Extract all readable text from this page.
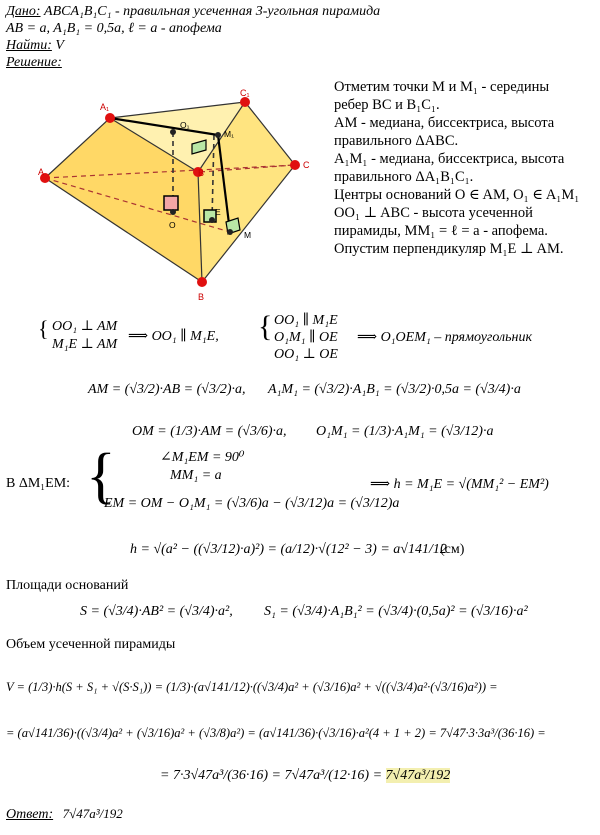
Дано: ABCA₁B₁C₁ - правильная усеченная 3-угольная пирамида
AB = a, A₁B₁ = 0,5a, ℓ = a - апофема
Найти: V
Решение:
A₁
C₁
C
B
A
B
O
O₁
M₁
M
E
Отметим точки M и M₁ - середины
ребер BC и B₁C₁.
AM - медиана, биссектриса, высота
правильного ΔABC.
A₁M₁ - медиана, биссектриса, высота
правильного ΔA₁B₁C₁.
Центры оснований O ∈ AM, O₁ ∈ A₁M₁
OO₁ ⊥ ABC - высота усеченной
пирамиды, MM₁ = ℓ = a - апофема.
Опустим перпендикуляр M₁E ⊥ AM.
{ OO₁ ⊥ AM
M₁E ⊥ AM
⟹ OO₁ ∥ M₁E, { OO₁ ∥ M₁E
O₁M₁ ∥ OE
OO₁ ⊥ OE
⟹ O₁OEM₁ – прямоугольник
AM = (√3/2)·AB = (√3/2)·a, A₁M₁ = (√3/2)·A₁B₁ = (√3/2)·0,5a = (√3/4)·a
OM = (1/3)·AM = (√3/6)·a, O₁M₁ = (1/3)·A₁M₁ = (√3/12)·a
В ΔM₁EM: {	∠M₁EM = 90⁰
MM₁ = a
EM = OM − O₁M₁ = (√3/6)a − (√3/12)a = (√3/12)a
⟹ h = M₁E = √(MM₁² − EM²)
h = √(a² − ((√3/12)·a)²) = (a/12)·√(12² − 3) = a√141/12
(см)
Площади оснований
S = (√3/4)·AB² = (√3/4)·a², S₁ = (√3/4)·A₁B₁² = (√3/4)·(0,5a)² = (√3/16)·a²
Объем усеченной пирамиды
V = (1/3)·h(S + S₁ + √(S·S₁)) = (1/3)·(a√141/12)·((√3/4)a² + (√3/16)a² + √((√3/4)a²·(√3/16)a²)) =
= (a√141/36)·((√3/4)a² + (√3/16)a² + (√3/8)a²) = (a√141/36)·(√3/16)·a²(4 + 1 + 2) = 7√47·3·3a³/(36·16) =
= 7·3√47a³/(36·16) = 7√47a³/(12·16) = 7√47a³/192
Ответ: 7√47a³/192
